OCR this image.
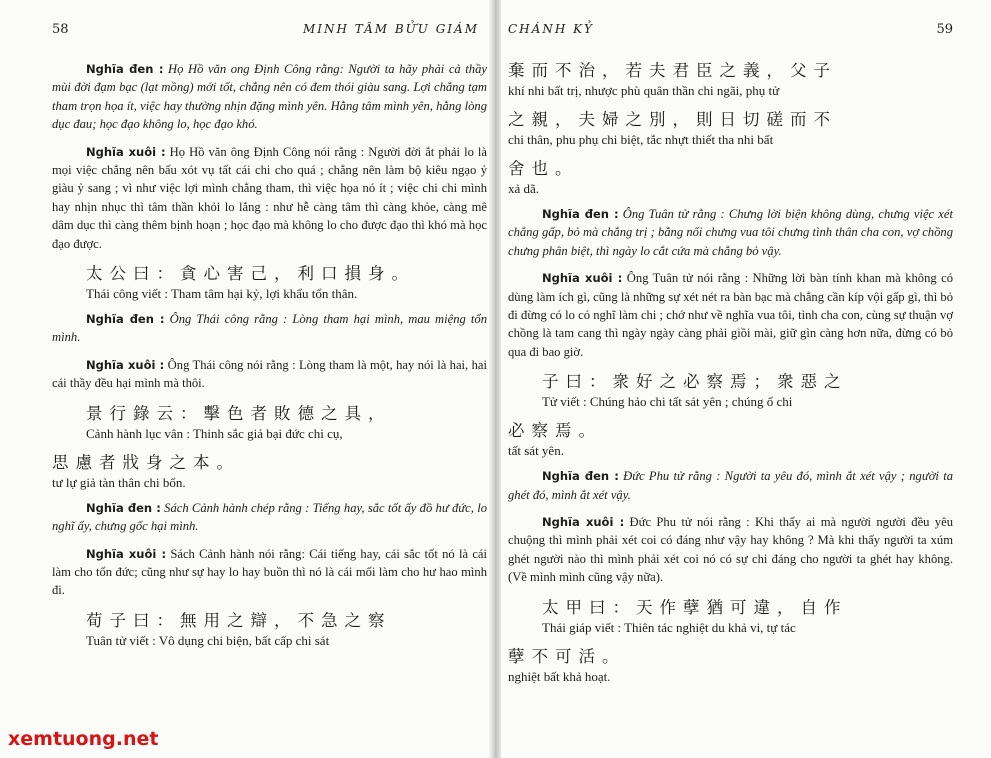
58	MINH TÂM BỬU GIÁM

Nghĩa đen : Họ Hồ văn ong Định Công rằng: Người ta hãy phải cả thầy mùi đời đạm bạc (lạt mồng) mới tốt, chẳng nên có đem thói giàu sang. Lợi chẳng tạm tham trọn họa ít, việc hay thường nhịn đặng mình yên. Hằng tâm mình yên, hằng lòng dục đau; học đạo không lo, học đạo khó.

Nghĩa xuôi : Họ Hồ văn ông Định Công nói rằng : Người đời ắt phải lo là mọi việc chẳng nên bấu xót vụ tất cái chi cho quá ; chẳng nên làm bộ kiêu ngạo ỷ giàu ỷ sang ; vì như việc lợi mình chẳng tham, thì việc họa nó ít ; việc chi chi mình hay nhịn nhục thì tâm thần khỏi lo lắng : như hễ càng tâm thì càng khỏe, càng mê dâm dục thì càng thêm bịnh hoạn ; học đạo mà không lo cho được đạo thì khó mà học đạo được.

太公曰：貪心害己，利口損身。
Thái công viết : Tham tâm hại kỷ, lợi khẩu tổn thân.

Nghĩa đen : Ông Thái công rằng : Lòng tham hại mình, mau miệng tổn mình.

Nghĩa xuôi : Ông Thái công nói rằng : Lòng tham là một, hay nói là hai, hai cái thầy đều hại mình mà thôi.

景行錄云：擊色者敗德之具，
Cảnh hành lục vân : Thinh sắc giả bại đức chi cụ,
思慮者戕身之本。
tư lự giả tàn thân chi bổn.

Nghĩa đen : Sách Cảnh hành chép rằng : Tiếng hay, sắc tốt ấy đồ hư đức, lo nghĩ ấy, chưng gốc hại mình.

Nghĩa xuôi : Sách Cảnh hành nói rằng: Cái tiếng hay, cái sắc tốt nó là cái làm cho tổn đức; cũng như sự hay lo hay buồn thì nó là cái mối làm cho hư hao mình đi.

荀子曰：無用之辯，不急之察
Tuân tử viết : Vô dụng chi biện, bất cấp chi sát
CHÁNH KỶ	59
棄而不治，若夫君臣之義，父子
khí nhi bất trị, nhược phù quân thần chi ngãi, phụ tử
之親，夫婦之別，則日切磋而不
chi thân, phu phụ chi biệt, tắc nhựt thiết tha nhi bất
舍也。
xả dã.

Nghĩa đen : Ông Tuân tử rằng : Chưng lời biện không dùng, chưng việc xét chẳng gấp, bỏ mà chẳng trị ; bằng nối chưng vua tôi chưng tình thân cha con, vợ chồng chưng phân biệt, thì ngày lo cắt cứa mà chẳng bỏ vậy.

Nghĩa xuôi : Ông Tuân tử nói rằng : Những lời bàn tính khan mà không có dùng làm ích gì, cũng là những sự xét nét ra bàn bạc mà chẳng cần kíp vội gấp gì, thì bỏ đi đừng có lo có nghĩ làm chi ; chớ như về nghĩa vua tôi, tình cha con, cùng sự thuận vợ chồng là tam cang thì ngày ngày càng phải giồi mài, giữ gìn càng hơn nữa, đừng có bỏ qua đi bao giờ.

子曰：衆好之必察焉；衆惡之
Tử viết : Chúng hảo chi tất sát yên ; chúng ố chi
必察焉。
tất sát yên.

Nghĩa đen : Đức Phu tử rằng : Người ta yêu đó, mình ắt xét vậy ; người ta ghét đó, mình ắt xét vậy.

Nghĩa xuôi : Đức Phu tử nói rằng : Khi thấy ai mà người người đều yêu chuộng thì mình phải xét coi có đáng như vậy hay không ? Mà khi thấy người ta xúm ghét người nào thì mình phải xét coi nó có sự chi đáng cho người ta ghét hay không. (Về mình mình cũng vậy nữa).

太甲曰：天作孽猶可違，自作
Thái giáp viết : Thiên tác nghiệt du khả vi, tự tác
孽不可活。
nghiệt bất khả hoạt.
xemtuong.net
